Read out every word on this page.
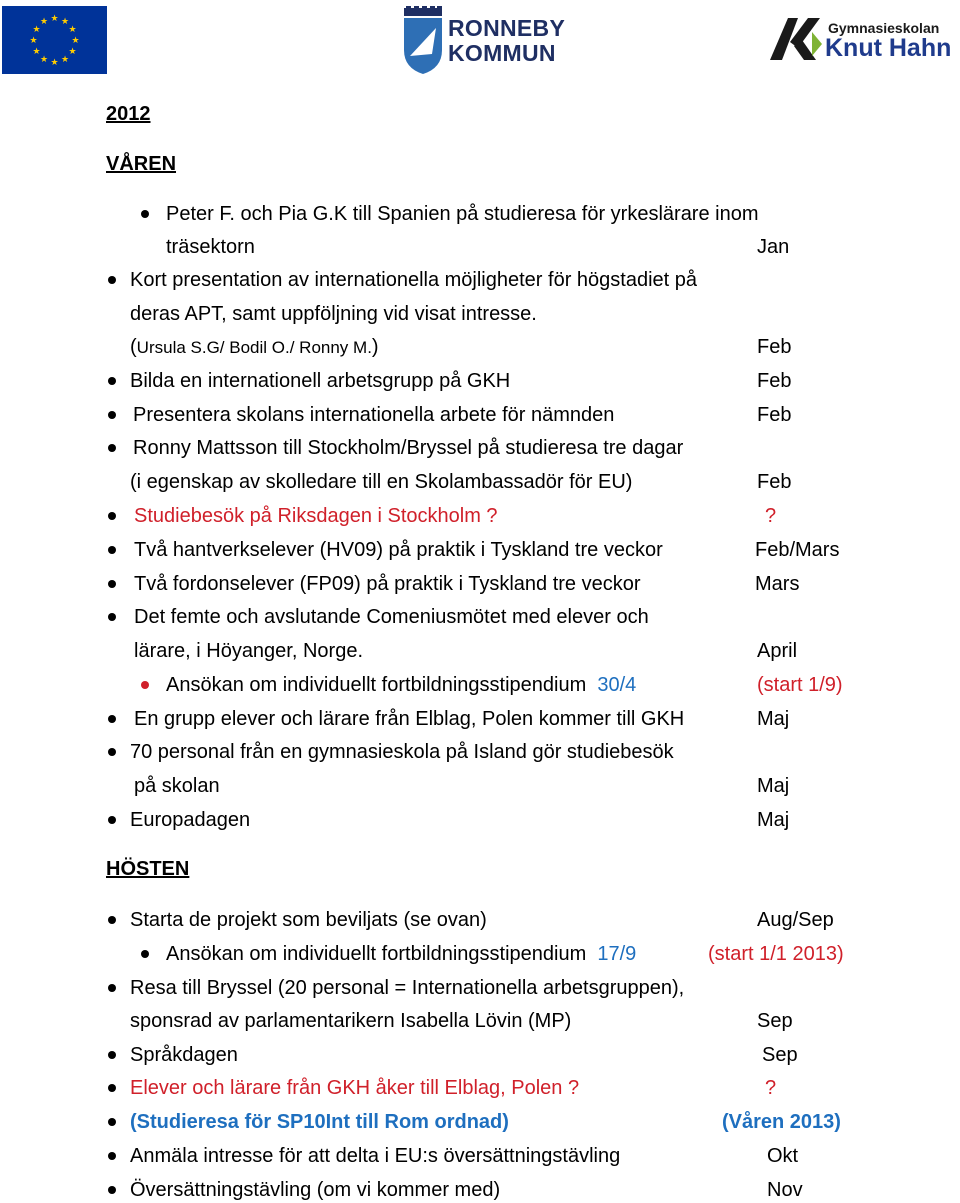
★ ★
★
★
★
★
★
★
★
★
★
★	RONNEBY
KOMMUN
Gymnasieskolan
Knut Hahn
2012
VÅREN
Peter F. och Pia G.K till Spanien på studieresa för yrkeslärare inom
träsektorn	Jan
Kort presentation av internationella möjligheter för högstadiet på
deras APT, samt uppföljning vid visat intresse.
(Ursula S.G/ Bodil O./ Ronny M.)	Feb
Bilda en internationell arbetsgrupp på GKH	Feb
Presentera skolans internationella arbete för nämnden	Feb
Ronny Mattsson till Stockholm/Bryssel på studieresa tre dagar
(i egenskap av skolledare till en Skolambassadör för EU)	Feb
Studiebesök på Riksdagen i Stockholm ?	?
Två hantverkselever (HV09) på praktik i Tyskland tre veckor	Feb/Mars
Två fordonselever (FP09) på praktik i Tyskland tre veckor	Mars
Det femte och avslutande Comeniusmötet med elever och
lärare, i Höyanger, Norge.	April
Ansökan om individuellt fortbildningsstipendium 30/4	(start 1/9)
En grupp elever och lärare från Elblag, Polen kommer till GKH	Maj
70 personal från en gymnasieskola på Island gör studiebesök
på skolan	Maj
Europadagen	Maj
HÖSTEN
Starta de projekt som beviljats (se ovan)	Aug/Sep
Ansökan om individuellt fortbildningsstipendium 17/9	(start 1/1 2013)
Resa till Bryssel (20 personal = Internationella arbetsgruppen),
sponsrad av parlamentarikern Isabella Lövin (MP)	Sep
Språkdagen	Sep
Elever och lärare från GKH åker till Elblag, Polen ?	?
(Studieresa för SP10Int till Rom ordnad)	(Våren 2013)
Anmäla intresse för att delta i EU:s översättningstävling	Okt
Översättningstävling (om vi kommer med)	Nov
